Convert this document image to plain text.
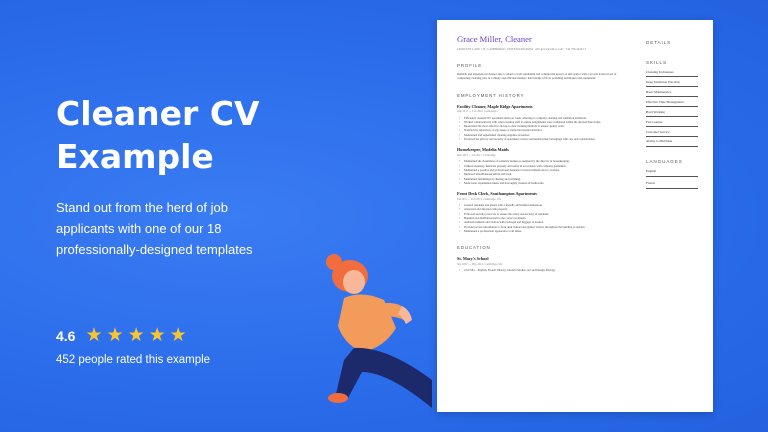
Cleaner CV
Example
Stand out from the herd of job applicants with one of our 18 professionally-designed templates
4.6 ★ ★ ★ ★ ★
452 people rated this example
Grace Miller, Cleaner
CROWLEY LANE 1 B | CAMBRIDGE, UNITED KINGDOM · edit.grace@edit-n.com · +44 796 4449 12
PROFILE
Reliable and experienced cleaner able to adapt to both residential and commercial spaces. A self-starter with a proven track record of completing cleaning jobs in a timely and efficient manner. Knowledge of floor polishing techniques and equipment.
EMPLOYMENT HISTORY
Facility Cleaner, Maple Ridge Apartments
Aug 2017 — Feb 2022, Cambridge
• Efficiently cleaned 50+ apartment units per week, adhering to company cleaning and sanitation standards.
• Worked collaboratively with other cleaning staff to ensure assignments were completed within the allotted time frame.
• Researched the most effective and up-to-date cleaning methods to ensure quality work.
• Notified my supervisor of any issues or items that needed attention.
• Maintained and replenished cleaning supplies as needed.
• Protected the privacy and security of apartment owners and handled their belongings with care and consideration.
Housekeeper, Modelia Maids
Mar 2013 — Jul 2017, Cambridge
• Maintained the cleanliness of residents' homes as assigned by the director of housekeeping.
• Utilized cleaning chemicals properly and safely in accordance with company guidelines.
• Maintained a positive and professional demeanor toward residents and co-workers.
• Removed miscellaneous debris and trash.
• Maintained furnishings by dusting and polishing.
• Made beds, replenished linens and thoroughly cleaned all bathrooms.
Front Desk Clerk, Southampton Apartments
Jan 2011 — Feb 2013, Cambridge, UK
• Greeted residents and guests with a friendly and helpful demeanour.
• Answered and directed calls properly.
• Followed security protocols to ensure the safety and security of residents.
• Handled and distributed mail to the correct recipients.
• Assisted residents and visitors with packages and luggage as needed.
• Provided access information to front desk visitors and guided visitors throughout the building as needed.
• Maintained a professional appearance at all times.
EDUCATION
St. Mary's School
Sep 2007 — May 2012, Cambridge, UK
• 4 GCSEs – English, French, History, Modern Studies, Art and Design, Biology
DETAILS
SKILLS
Cleaning Techniques
Deep Sanitation Practices
Basic Maintenance
Effective Time Management
Hard Working
Fast Learner
Customer Service
Ability to Multitask
LANGUAGES
English
French
